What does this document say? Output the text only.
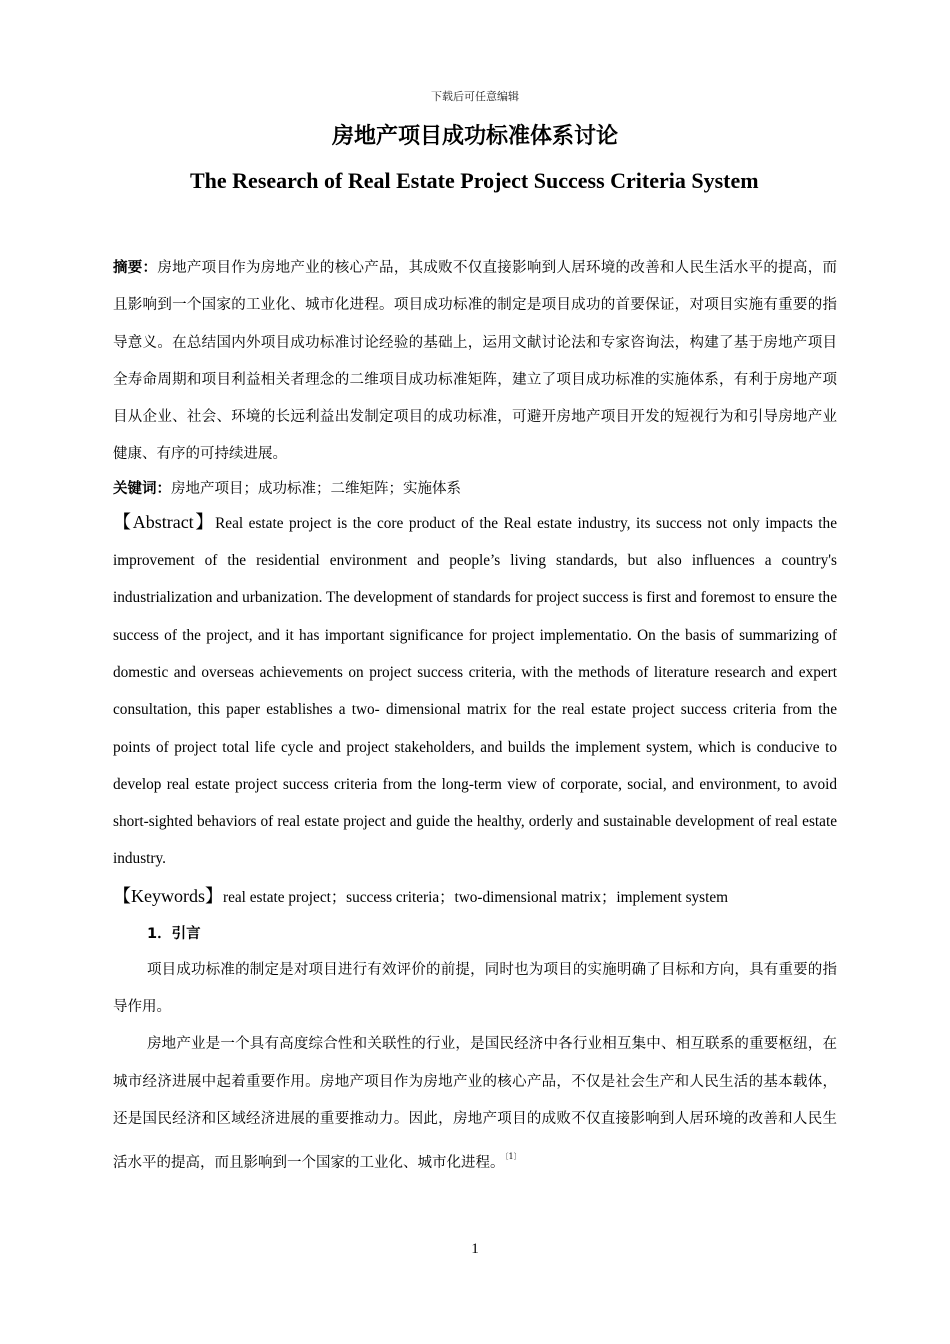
下载后可任意编辑
房地产项目成功标准体系讨论
The Research of Real Estate Project Success Criteria System

摘要：房地产项目作为房地产业的核心产品，其成败不仅直接影响到人居环境的改善和人民生活水平的提高，而且影响到一个国家的工业化、城市化进程。项目成功标准的制定是项目成功的首要保证，对项目实施有重要的指导意义。在总结国内外项目成功标准讨论经验的基础上，运用文献讨论法和专家咨询法，构建了基于房地产项目全寿命周期和项目利益相关者理念的二维项目成功标准矩阵，建立了项目成功标准的实施体系，有利于房地产项目从企业、社会、环境的长远利益出发制定项目的成功标准，可避开房地产项目开发的短视行为和引导房地产业健康、有序的可持续进展。

关键词：房地产项目；成功标准；二维矩阵；实施体系

【Abstract】Real estate project is the core product of the Real estate industry, its success not only impacts the improvement of the residential environment and people’s living standards, but also influences a country's industrialization and urbanization. The development of standards for project success is first and foremost to ensure the success of the project, and it has important significance for project implementatio. On the basis of summarizing of domestic and overseas achievements on project success criteria, with the methods of literature research and expert consultation, this paper establishes a two- dimensional matrix for the real estate project success criteria from the points of project total life cycle and project stakeholders, and builds the implement system, which is conducive to develop real estate project success criteria from the long-term view of corporate, social, and environment, to avoid short-sighted behaviors of real estate project and guide the healthy, orderly and sustainable development of real estate industry.

【Keywords】real estate project；success criteria；two-dimensional matrix；implement system

1．引言

项目成功标准的制定是对项目进行有效评价的前提，同时也为项目的实施明确了目标和方向，具有重要的指导作用。

房地产业是一个具有高度综合性和关联性的行业，是国民经济中各行业相互集中、相互联系的重要枢纽，在城市经济进展中起着重要作用。房地产项目作为房地产业的核心产品，不仅是社会生产和人民生活的基本载体，还是国民经济和区域经济进展的重要推动力。因此，房地产项目的成败不仅直接影响到人居环境的改善和人民生活水平的提高，而且影响到一个国家的工业化、城市化进程。$^{〔1〕}$

1
